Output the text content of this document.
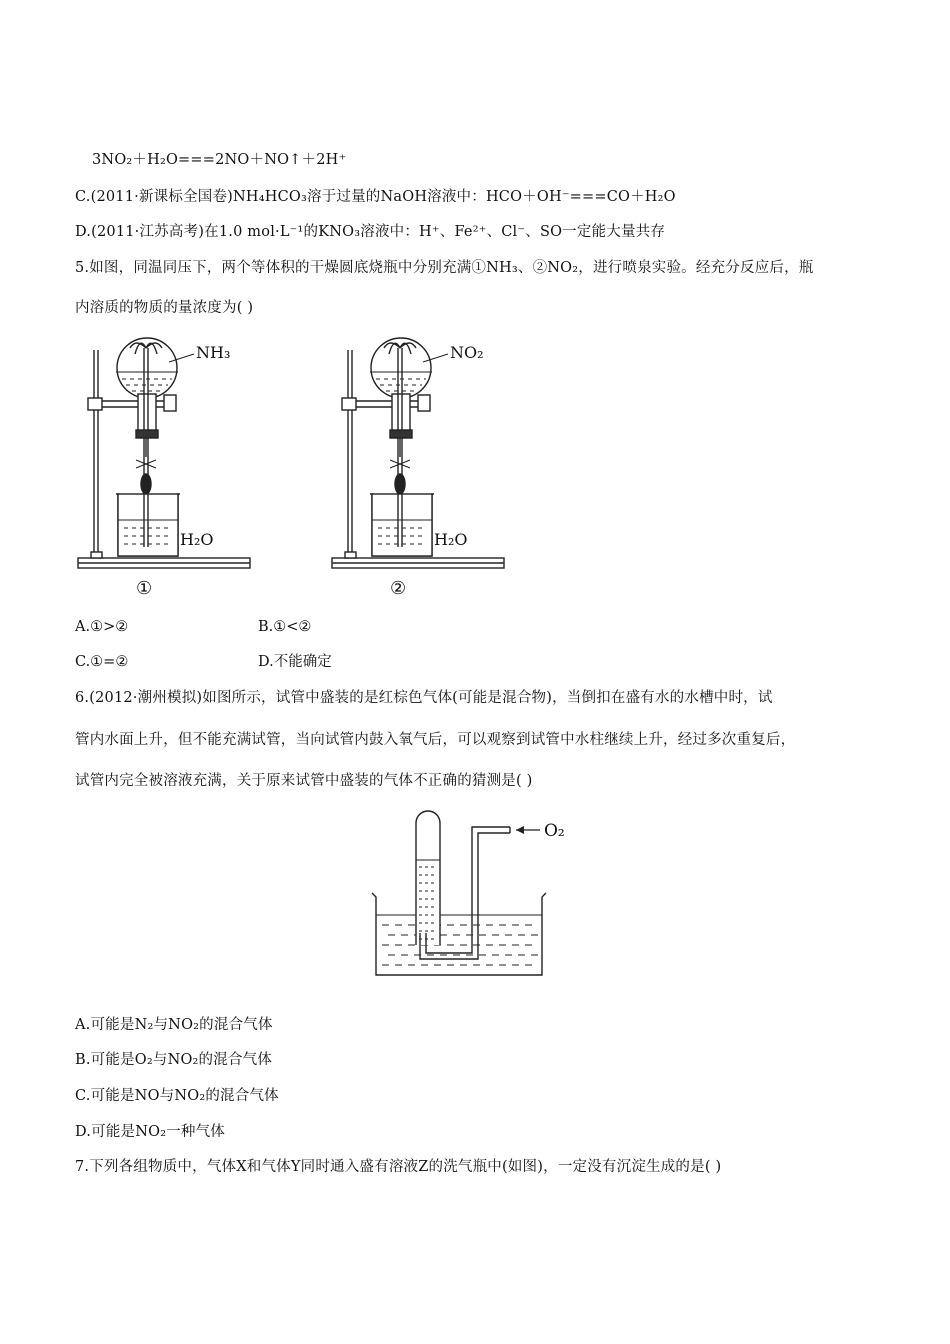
3NO₂＋H₂O===2NO＋NO↑＋2H⁺
C.(2011·新课标全国卷)NH₄HCO₃溶于过量的NaOH溶液中：HCO＋OH⁻===CO＋H₂O
D.(2011·江苏高考)在1.0 mol·L⁻¹的KNO₃溶液中：H⁺、Fe²⁺、Cl⁻、SO一定能大量共存
5.如图，同温同压下，两个等体积的干燥圆底烧瓶中分别充满①NH₃、②NO₂，进行喷泉实验。经充分反应后，瓶
内溶质的物质的量浓度为( )
NH₃
H₂O
①
NO₂
H₂O
②
A.①>②	B.①<②
C.①=②	D.不能确定
6.(2012·潮州模拟)如图所示，试管中盛装的是红棕色气体(可能是混合物)，当倒扣在盛有水的水槽中时，试
管内水面上升，但不能充满试管，当向试管内鼓入氧气后，可以观察到试管中水柱继续上升，经过多次重复后，
试管内完全被溶液充满，关于原来试管中盛装的气体不正确的猜测是( )
O₂
A.可能是N₂与NO₂的混合气体
B.可能是O₂与NO₂的混合气体
C.可能是NO与NO₂的混合气体
D.可能是NO₂一种气体
7.下列各组物质中，气体X和气体Y同时通入盛有溶液Z的洗气瓶中(如图)，一定没有沉淀生成的是( )
